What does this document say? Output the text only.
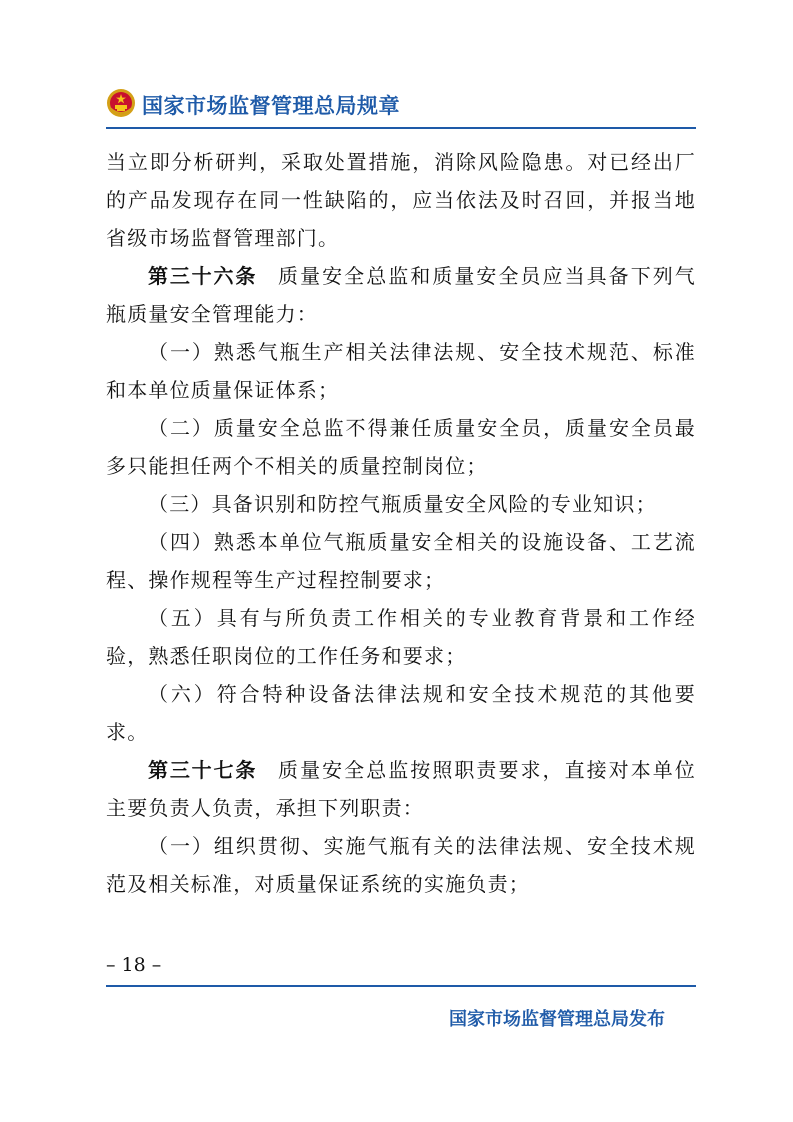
国家市场监督管理总局规章

当立即分析研判，采取处置措施，消除风险隐患。对已经出厂的产品发现存在同一性缺陷的，应当依法及时召回，并报当地省级市场监督管理部门。

第三十六条 质量安全总监和质量安全员应当具备下列气瓶质量安全管理能力：

（一）熟悉气瓶生产相关法律法规、安全技术规范、标准和本单位质量保证体系；

（二）质量安全总监不得兼任质量安全员，质量安全员最多只能担任两个不相关的质量控制岗位；

（三）具备识别和防控气瓶质量安全风险的专业知识；

（四）熟悉本单位气瓶质量安全相关的设施设备、工艺流程、操作规程等生产过程控制要求；

（五）具有与所负责工作相关的专业教育背景和工作经验，熟悉任职岗位的工作任务和要求；

（六）符合特种设备法律法规和安全技术规范的其他要求。

第三十七条 质量安全总监按照职责要求，直接对本单位主要负责人负责，承担下列职责：

（一）组织贯彻、实施气瓶有关的法律法规、安全技术规范及相关标准，对质量保证系统的实施负责；

– 18 –
国家市场监督管理总局发布
